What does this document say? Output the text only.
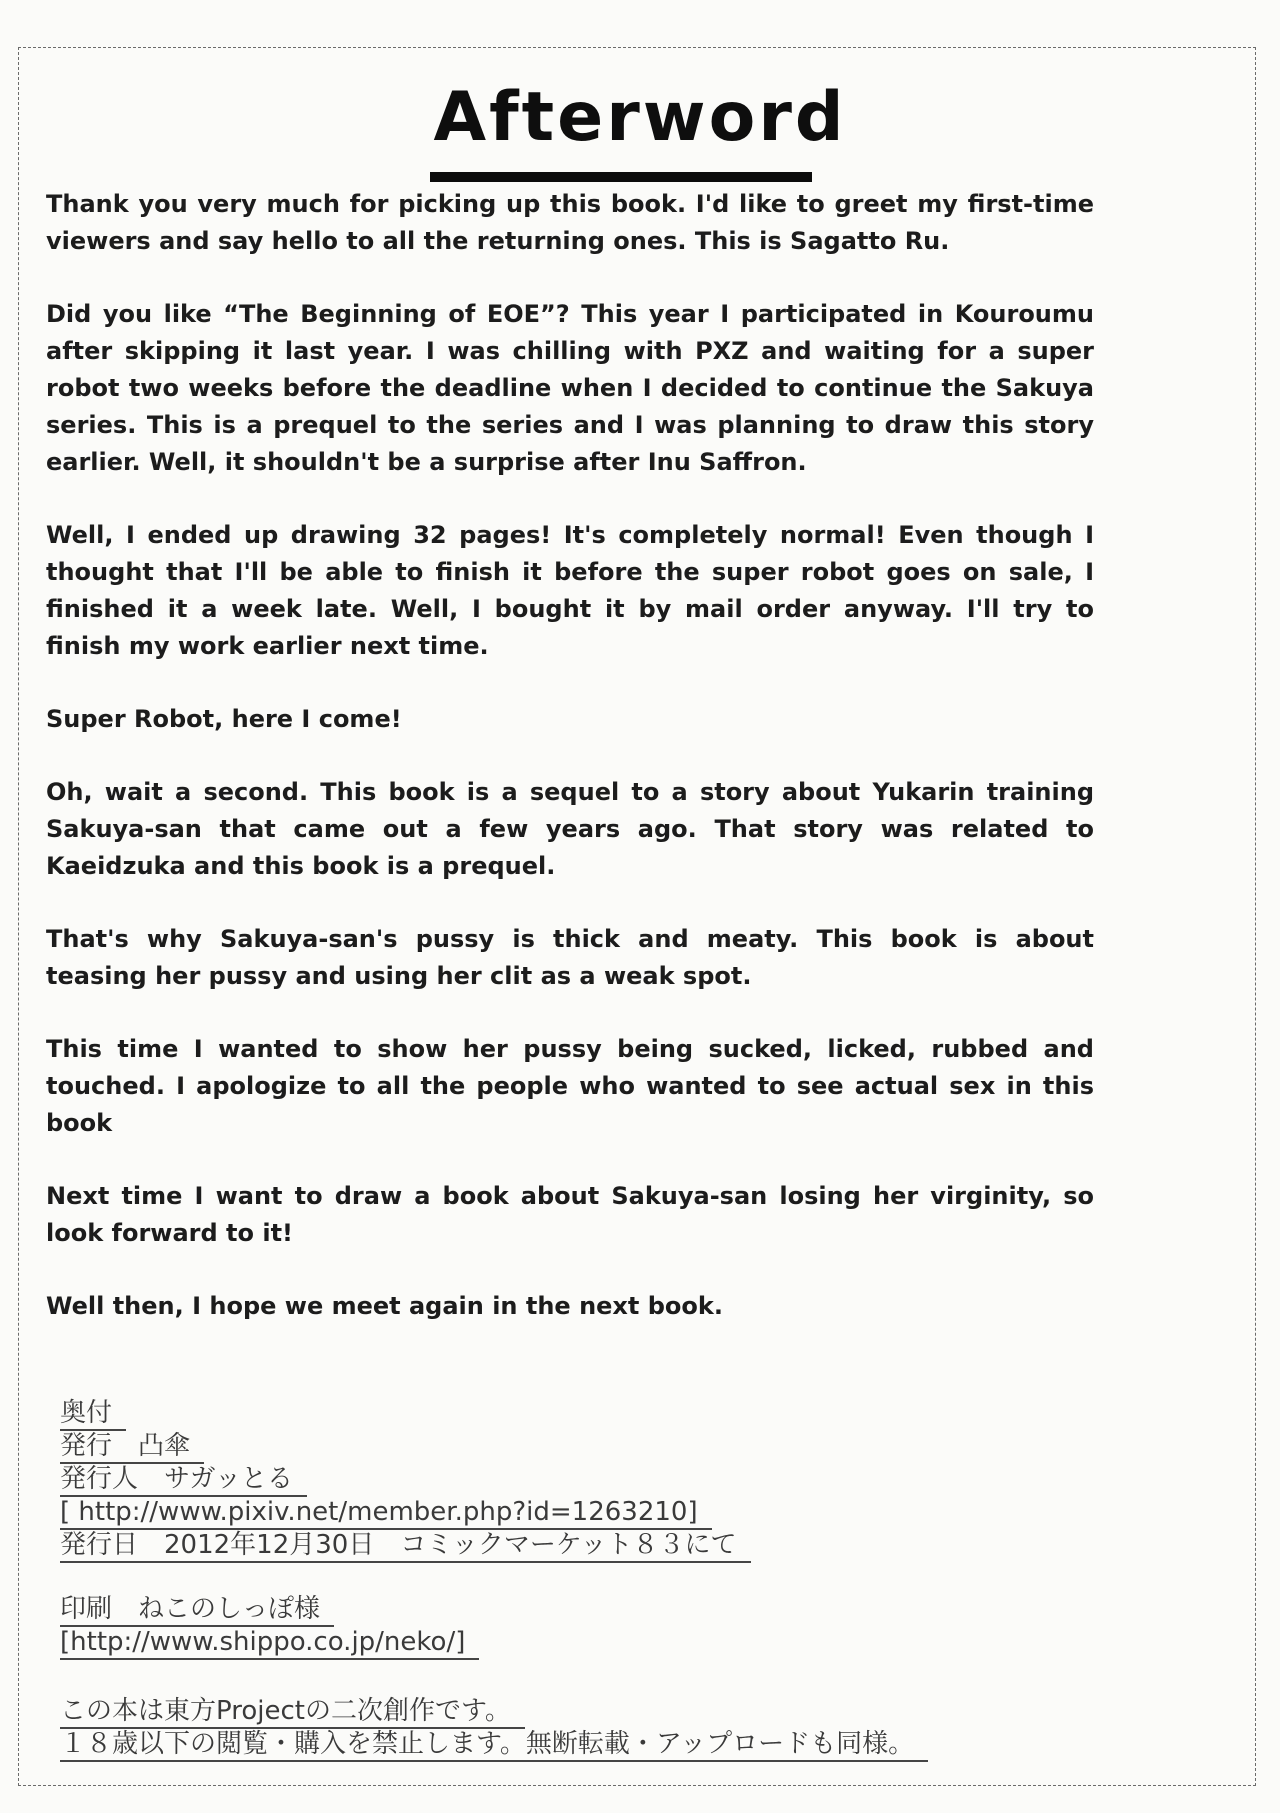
Afterword

Thank you very much for picking up this book. I'd like to greet my first-time viewers and say hello to all the returning ones. This is Sagatto Ru.

Did you like “The Beginning of EOE”? This year I participated in Kouroumu after skipping it last year. I was chilling with PXZ and waiting for a super robot two weeks before the deadline when I decided to continue the Sakuya series. This is a prequel to the series and I was planning to draw this story earlier. Well, it shouldn't be a surprise after Inu Saffron.

Well, I ended up drawing 32 pages! It's completely normal! Even though I thought that I'll be able to finish it before the super robot goes on sale, I finished it a week late. Well, I bought it by mail order anyway. I'll try to finish my work earlier next time.

Super Robot, here I come!

Oh, wait a second. This book is a sequel to a story about Yukarin training Sakuya-san that came out a few years ago. That story was related to Kaeidzuka and this book is a prequel.

That's why Sakuya-san's pussy is thick and meaty. This book is about teasing her pussy and using her clit as a weak spot.

This time I wanted to show her pussy being sucked, licked, rubbed and touched. I apologize to all the people who wanted to see actual sex in this book

Next time I want to draw a book about Sakuya-san losing her virginity, so look forward to it!

Well then, I hope we meet again in the next book.

奥付
発行　凸傘
発行人　サガッとる
[ http://www.pixiv.net/member.php?id=1263210]
発行日　2012年12月30日　コミックマーケット８３にて
印刷　ねこのしっぽ様
[http://www.shippo.co.jp/neko/]
この本は東方Projectの二次創作です。
１８歳以下の閲覧・購入を禁止します。無断転載・アップロードも同様。
